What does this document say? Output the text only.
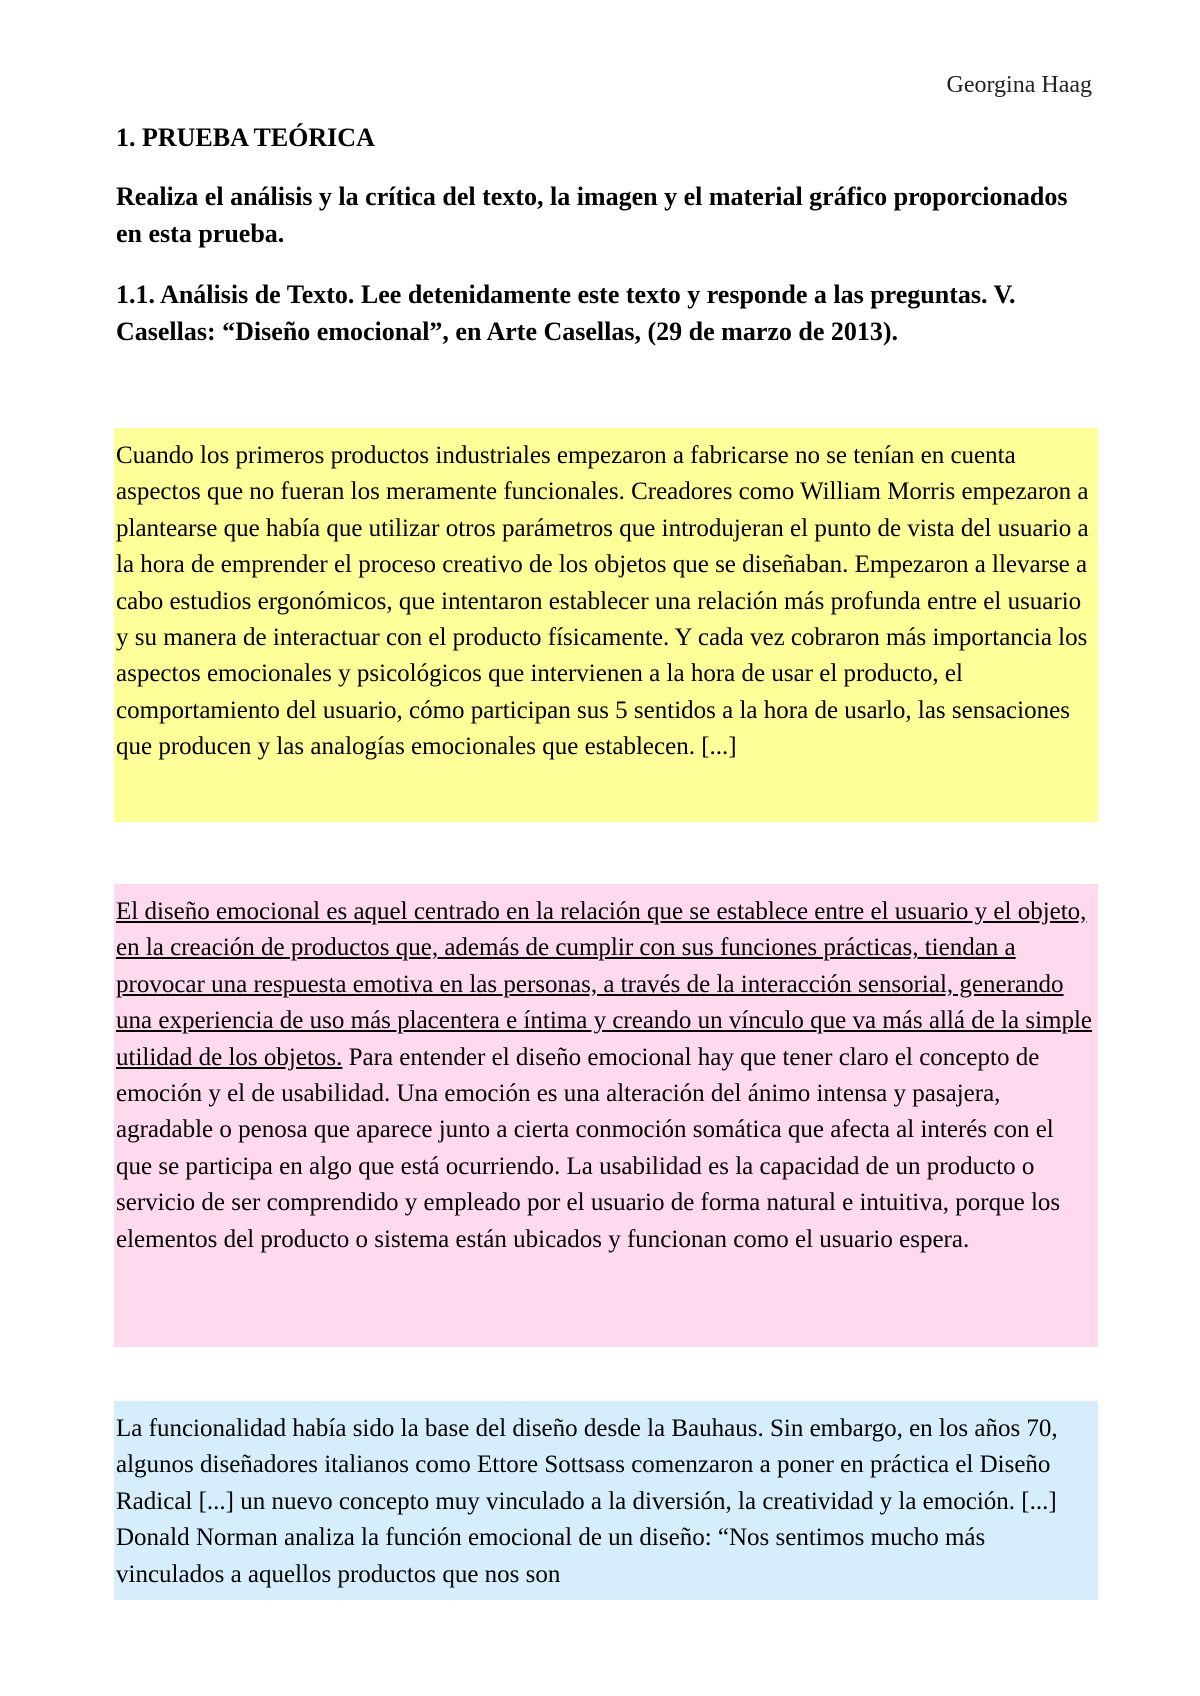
Georgina Haag
1. PRUEBA TEÓRICA
Realiza el análisis y la crítica del texto, la imagen y el material gráfico proporcionados en esta prueba.
1.1. Análisis de Texto. Lee detenidamente este texto y responde a las preguntas. V. Casellas: “Diseño emocional”, en Arte Casellas, (29 de marzo de 2013).
Cuando los primeros productos industriales empezaron a fabricarse no se tenían en cuenta aspectos que no fueran los meramente funcionales. Creadores como William Morris empezaron a plantearse que había que utilizar otros parámetros que introdujeran el punto de vista del usuario a la hora de emprender el proceso creativo de los objetos que se diseñaban. Empezaron a llevarse a cabo estudios ergonómicos, que intentaron establecer una relación más profunda entre el usuario y su manera de interactuar con el producto físicamente. Y cada vez cobraron más importancia los aspectos emocionales y psicológicos que intervienen a la hora de usar el producto, el comportamiento del usuario, cómo participan sus 5 sentidos a la hora de usarlo, las sensaciones que producen y las analogías emocionales que establecen. [...]
El diseño emocional es aquel centrado en la relación que se establece entre el usuario y el objeto, en la creación de productos que, además de cumplir con sus funciones prácticas, tiendan a provocar una respuesta emotiva en las personas, a través de la interacción sensorial, generando una experiencia de uso más placentera e íntima y creando un vínculo que va más allá de la simple utilidad de los objetos. Para entender el diseño emocional hay que tener claro el concepto de emoción y el de usabilidad. Una emoción es una alteración del ánimo intensa y pasajera, agradable o penosa que aparece junto a cierta conmoción somática que afecta al interés con el que se participa en algo que está ocurriendo. La usabilidad es la capacidad de un producto o servicio de ser comprendido y empleado por el usuario de forma natural e intuitiva, porque los elementos del producto o sistema están ubicados y funcionan como el usuario espera.
La funcionalidad había sido la base del diseño desde la Bauhaus. Sin embargo, en los años 70, algunos diseñadores italianos como Ettore Sottsass comenzaron a poner en práctica el Diseño Radical [...] un nuevo concepto muy vinculado a la diversión, la creatividad y la emoción. [...] Donald Norman analiza la función emocional de un diseño: “Nos sentimos mucho más vinculados a aquellos productos que nos son
